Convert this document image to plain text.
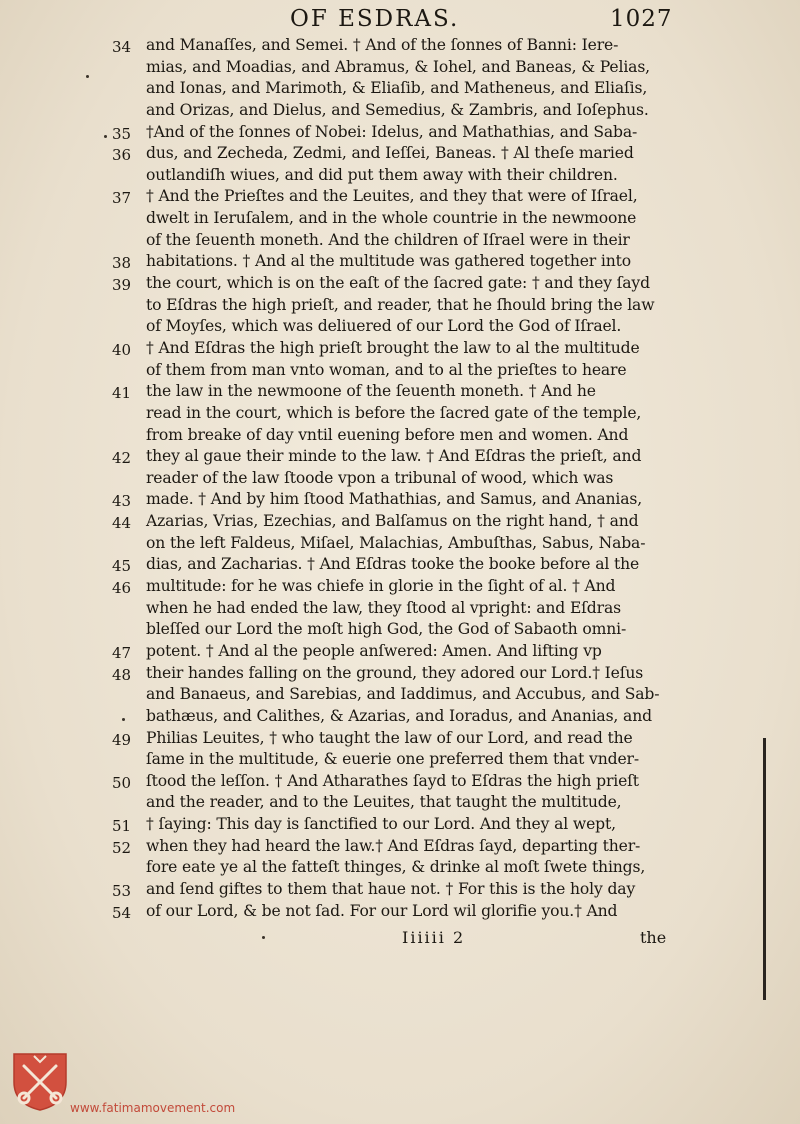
OF ESDRAS.	1027
34 and Manaſſes, and Semei. † And of the ſonnes of Banni: Iere-
mias, and Moadias, and Abramus, & Iohel, and Baneas, & Pelias,
and Ionas, and Marimoth, & Eliaſib, and Matheneus, and Eliaſis,
and Orizas, and Dielus, and Semedius, & Zambris, and Ioſephus.
35 †And of the ſonnes of Nobei: Idelus, and Mathathias, and Saba-
36 dus, and Zecheda, Zedmi, and Ieſſei, Baneas. † Al theſe maried
outlandiſh wiues, and did put them away with their children.
37 † And the Prieſtes and the Leuites, and they that were of Iſrael,
dwelt in Ieruſalem, and in the whole countrie in the newmoone
of the ſeuenth moneth. And the children of Iſrael were in their
38 habitations. † And al the multitude was gathered together into
39 the court, which is on the eaſt of the ſacred gate: † and they ſayd
to Eſdras the high prieſt, and reader, that he ſhould bring the law
of Moyſes, which was deliuered of our Lord the God of Iſrael.
40 † And Eſdras the high prieſt brought the law to al the multitude
of them from man vnto woman, and to al the prieſtes to heare
41 the law in the newmoone of the ſeuenth moneth. † And he
read in the court, which is before the ſacred gate of the temple,
from breake of day vntil euening before men and women. And
42 they al gaue their minde to the law. † And Eſdras the prieſt, and
reader of the law ſtoode vpon a tribunal of wood, which was
43 made. † And by him ſtood Mathathias, and Samus, and Ananias,
44 Azarias, Vrias, Ezechias, and Balſamus on the right hand, † and
on the left Faldeus, Miſael, Malachias, Ambuſthas, Sabus, Naba-
45 dias, and Zacharias. † And Eſdras tooke the booke before al the
46 multitude: for he was chiefe in glorie in the ſight of al. † And
when he had ended the law, they ſtood al vpright: and Eſdras
bleſſed our Lord the moſt high God, the God of Sabaoth omni-
47 potent. † And al the people anſwered: Amen. And lifting vp
48 their handes falling on the ground, they adored our Lord.† Ieſus
and Banaeus, and Sarebias, and Iaddimus, and Accubus, and Sab-
bathæus, and Calithes, & Azarias, and Ioradus, and Ananias, and
49 Philias Leuites, † who taught the law of our Lord, and read the
ſame in the multitude, & euerie one preferred them that vnder-
50 ſtood the leſſon. † And Atharathes ſayd to Eſdras the high prieſt
and the reader, and to the Leuites, that taught the multitude,
51 † ſaying: This day is ſanctified to our Lord. And they al wept,
52 when they had heard the law.† And Eſdras ſayd, departing ther-
fore eate ye al the fatteſt thinges, & drinke al moſt ſwete things,
53 and ſend giftes to them that haue not. † For this is the holy day
54 of our Lord, & be not ſad. For our Lord wil glorifie you.† And
Iiiiii 2	the
www.fatimamovement.com
